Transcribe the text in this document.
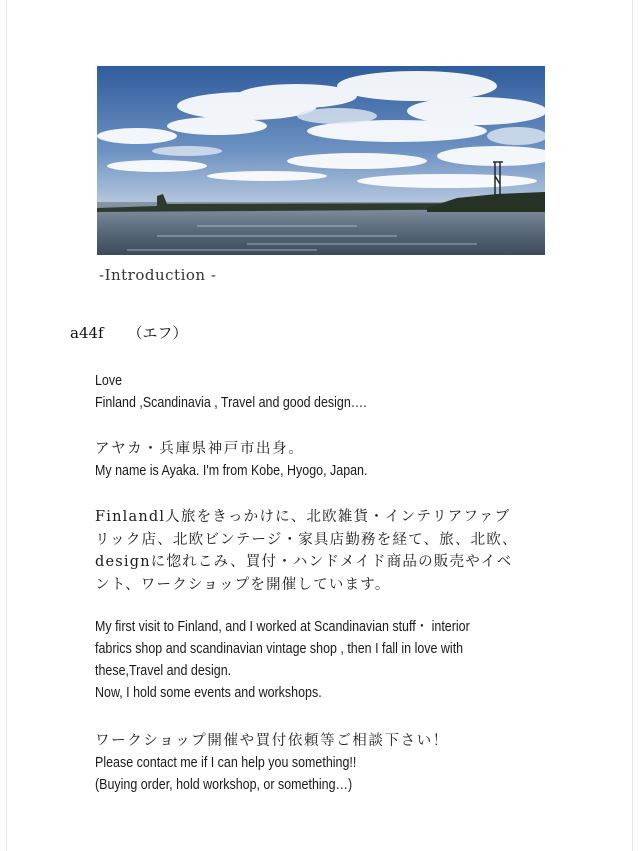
-Introduction -
a44f （エフ）
Love
Finland ,Scandinavia , Travel and good design….
アヤカ・兵庫県神戸市出身。
My name is Ayaka. I'm from Kobe, Hyogo, Japan.
Finlandl人旅をきっかけに、北欧雑貨・インテリアファブ
リック店、北欧ビンテージ・家具店勤務を経て、旅、北欧、
designに惚れこみ、買付・ハンドメイド商品の販売やイベ
ント、ワークショップを開催しています。
My first visit to Finland, and I worked at Scandinavian stuff・ interior
fabrics shop and scandinavian vintage shop , then I fall in love with
these,Travel and design.
Now, I hold some events and workshops.
ワークショップ開催や買付依頼等ご相談下さい！
Please contact me if I can help you something!!
(Buying order, hold workshop, or something…)
